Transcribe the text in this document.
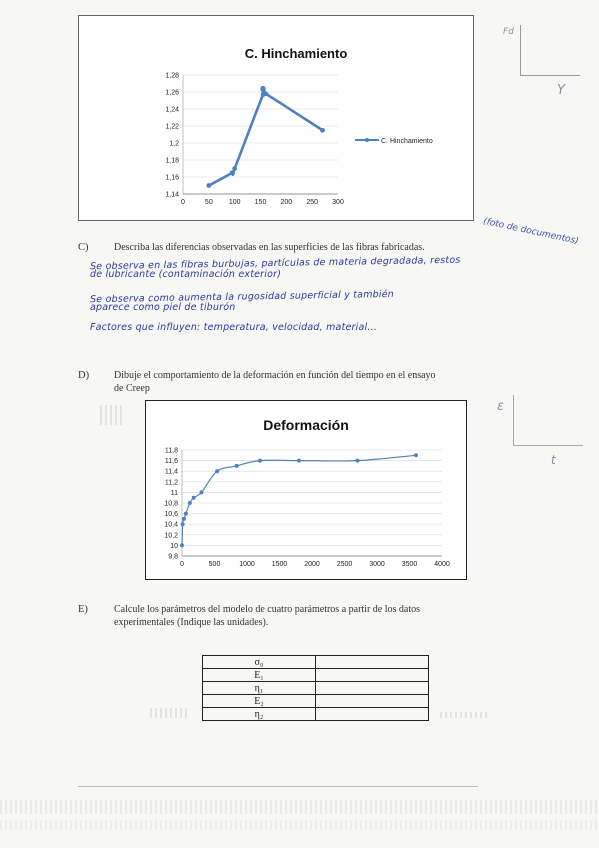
Fd
Y
C. Hinchamiento
1,14
1,16
1,18
1,2
1,22
1,24
1,26
1,28
0	50 100 150 200 250 300
C. Hinchamiento
C)	Describa las diferencias observadas en las superficies de las fibras fabricadas.
(foto de documentos)
Se observa en las fibras burbujas, partículas de materia degradada, restos
de lubricante (contaminación exterior)
Se observa como aumenta la rugosidad superficial y también
aparece como piel de tiburón
Factores que influyen: temperatura, velocidad, material...
D) Dibuje el comportamiento de la deformación en función del tiempo en el ensayo
de Creep
ε
t
Deformación
9,8
10
10,2
10,4
10,6
10,8
11
11,2
11,4
11,6
11,8
0	500	1000 1500 2000 2500 3000 3500 4000
E)	Calcule los parámetros del modelo de cuatro parámetros a partir de los datos
experimentales (Indique las unidades).
σ₀	
E₁	
η₁	
E₂	
η₂	
